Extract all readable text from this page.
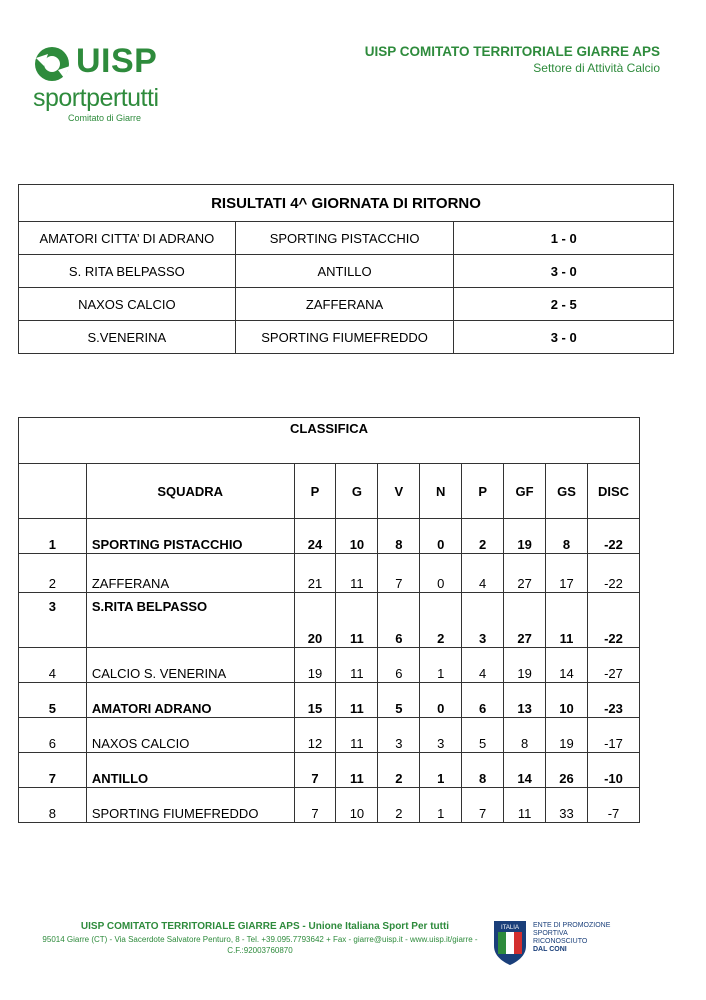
UISP
sportpertutti
Comitato di Giarre
UISP COMITATO TERRITORIALE GIARRE APS
Settore di Attività Calcio
RISULTATI 4^ GIORNATA DI RITORNO		
AMATORI CITTA’ DI ADRANO	SPORTING PISTACCHIO	1 - 0
S. RITA BELPASSO	ANTILLO	3 - 0
NAXOS CALCIO	ZAFFERANA	2 - 5
S.VENERINA	SPORTING FIUMEFREDDO	3 - 0
CLASSIFICA									
	SQUADRA	P	G	V	N	P	GF	GS	DISC
1	SPORTING PISTACCHIO	24	10	8	0	2	19	8	-22
2	ZAFFERANA	21	11	7	0	4	27	17	-22
3	S.RITA BELPASSO	20	11	6	2	3	27	11	-22
4	CALCIO S. VENERINA	19	11	6	1	4	19	14	-27
5	AMATORI ADRANO	15	11	5	0	6	13	10	-23
6	NAXOS CALCIO	12	11	3	3	5	8	19	-17
7	ANTILLO	7	11	2	1	8	14	26	-10
8	SPORTING FIUMEFREDDO	7	10	2	1	7	11	33	-7
UISP COMITATO TERRITORIALE GIARRE APS - Unione Italiana Sport Per tutti
95014 Giarre (CT) - Via Sacerdote Salvatore Penturo, 8 - Tel. +39.095.7793642 + Fax - giarre@uisp.it - www.uisp.it/giarre - C.F.:92003760870
ITALIA ENTE DI PROMOZIONE
SPORTIVA
RICONOSCIUTO
DAL CONI
